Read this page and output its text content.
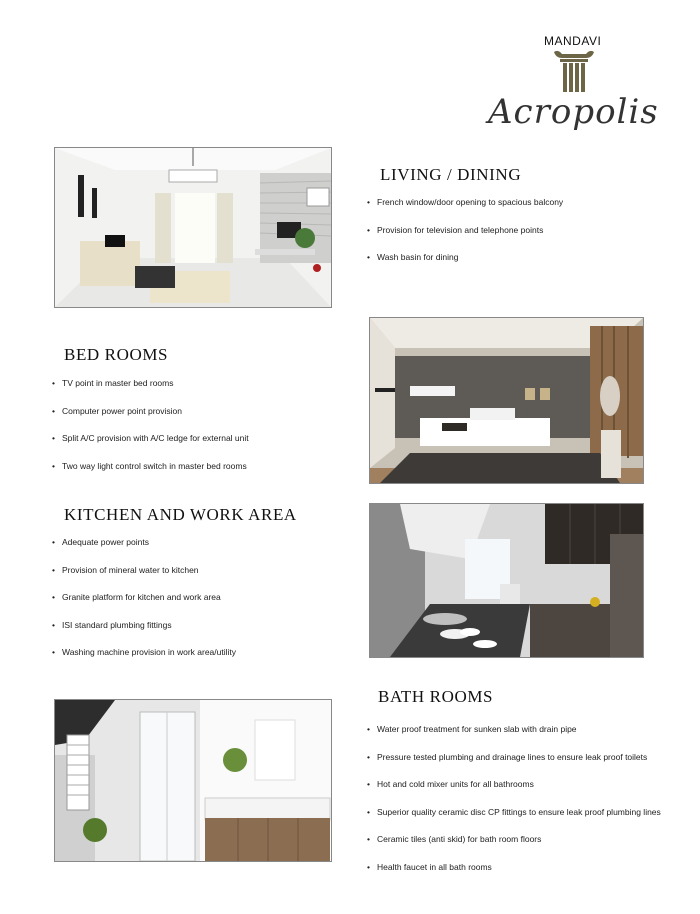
MANDAVI
Acropolis
LIVING / DINING
• French window/door opening to spacious balcony
• Provision for television and telephone points
• Wash basin for dining
BED ROOMS
• TV point in master bed rooms
• Computer power point provision
• Split A/C provision with A/C ledge for external unit
• Two way light control switch in master bed rooms
KITCHEN AND WORK AREA
• Adequate power points
• Provision of mineral water to kitchen
• Granite platform for kitchen and work area
• ISI standard plumbing fittings
• Washing machine provision in work area/utility
BATH ROOMS
• Water proof treatment for sunken slab with drain pipe
• Pressure tested plumbing and drainage lines to ensure leak proof toilets
• Hot and cold mixer units for all bathrooms
• Superior quality ceramic disc CP fittings to ensure leak proof plumbing lines
• Ceramic tiles (anti skid) for bath room floors
• Health faucet in all bath rooms
